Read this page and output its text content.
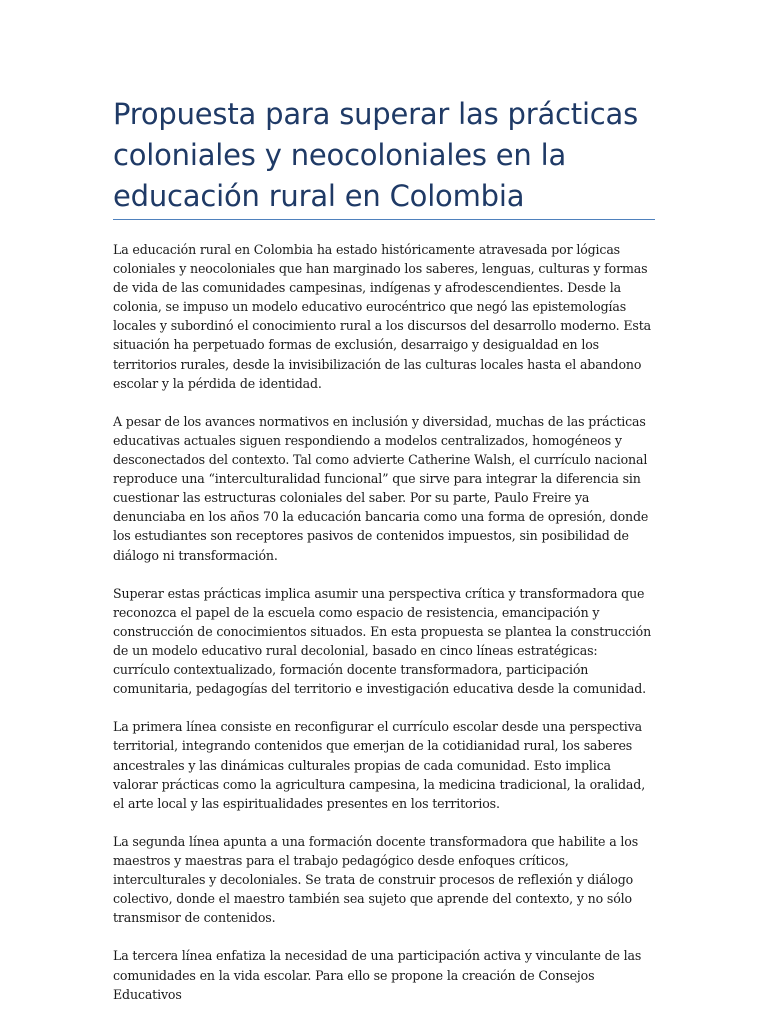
Propuesta para superar las prácticas coloniales y neocoloniales en la educación rural en Colombia

La educación rural en Colombia ha estado históricamente atravesada por lógicas coloniales y neocoloniales que han marginado los saberes, lenguas, culturas y formas de vida de las comunidades campesinas, indígenas y afrodescendientes. Desde la colonia, se impuso un modelo educativo eurocéntrico que negó las epistemologías locales y subordinó el conocimiento rural a los discursos del desarrollo moderno. Esta situación ha perpetuado formas de exclusión, desarraigo y desigualdad en los territorios rurales, desde la invisibilización de las culturas locales hasta el abandono escolar y la pérdida de identidad.

A pesar de los avances normativos en inclusión y diversidad, muchas de las prácticas educativas actuales siguen respondiendo a modelos centralizados, homogéneos y desconectados del contexto. Tal como advierte Catherine Walsh, el currículo nacional reproduce una “interculturalidad funcional” que sirve para integrar la diferencia sin cuestionar las estructuras coloniales del saber. Por su parte, Paulo Freire ya denunciaba en los años 70 la educación bancaria como una forma de opresión, donde los estudiantes son receptores pasivos de contenidos impuestos, sin posibilidad de diálogo ni transformación.

Superar estas prácticas implica asumir una perspectiva crítica y transformadora que reconozca el papel de la escuela como espacio de resistencia, emancipación y construcción de conocimientos situados. En esta propuesta se plantea la construcción de un modelo educativo rural decolonial, basado en cinco líneas estratégicas: currículo contextualizado, formación docente transformadora, participación comunitaria, pedagogías del territorio e investigación educativa desde la comunidad.

La primera línea consiste en reconfigurar el currículo escolar desde una perspectiva territorial, integrando contenidos que emerjan de la cotidianidad rural, los saberes ancestrales y las dinámicas culturales propias de cada comunidad. Esto implica valorar prácticas como la agricultura campesina, la medicina tradicional, la oralidad, el arte local y las espiritualidades presentes en los territorios.

La segunda línea apunta a una formación docente transformadora que habilite a los maestros y maestras para el trabajo pedagógico desde enfoques críticos, interculturales y decoloniales. Se trata de construir procesos de reflexión y diálogo colectivo, donde el maestro también sea sujeto que aprende del contexto, y no sólo transmisor de contenidos.

La tercera línea enfatiza la necesidad de una participación activa y vinculante de las comunidades en la vida escolar. Para ello se propone la creación de Consejos Educativos
